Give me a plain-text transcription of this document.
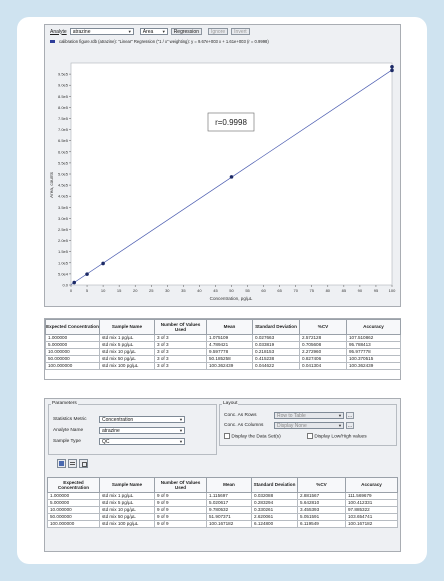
Analyte atrazine	▼ Area ▼	Regression	Ignore	Invert
calibration figure.rdb (atrazine): "Linear" Regression ("1 / x" weighting): y = 9.67e+003 x + 1.61e+003 (r = 0.9998)
0.0
5.0e4
1.0e5
1.5e5
2.0e5
2.5e5
3.0e5
3.5e5
4.0e5
4.5e5
5.0e5
5.5e5
6.0e5
6.5e5
7.0e5
7.5e5
8.0e5
8.5e5
9.0e5
9.5e5
0	5	10	15	20	25	30	35	40	45	50	55	60	65	70	75	80	85	90	95	100
Area, counts
Concentration, pg/µL
r=0.9998
Expected Concentration	Sample Name	Number Of Values Used	Mean	Standard Deviation	%CV	Accuracy
1.000000	std mix 1 pg/µL	3 of 3	1.075109	0.027663	2.572128	107.510862
5.000000	std mix 5 pg/µL	3 of 3	4.789421	0.033819	0.705608	95.788413
10.000000	std mix 10 pg/µL	3 of 3	9.597778	0.218153	2.272960	95.977778
50.000000	std mix 50 pg/µL	3 of 3	50.185258	0.415238	0.827406	100.370515
100.000000	std mix 100 pg/µL	3 of 3	100.362439	0.044622	0.041304	100.362439
Parameters
Statistics Metric	Concentration	▼
Analyte Name	atrazine	▼
Sample Type	QC	▼
Layout
Conc. As Rows	Row to Table	▼	…
Conc. As Columns	Display None	▼	…
Display the Data Set(s)	Display Low/High values
Expected Concentration	Sample Name	Number Of Values Used	Mean	Standard Deviation	%CV	Accuracy
1.000000	std mix 1 pg/µL	9 of 9	1.115697	0.032088	2.881567	111.569679
5.000000	std mix 5 pg/µL	9 of 9	5.020617	0.283294	5.642810	100.412331
10.000000	std mix 10 pg/µL	9 of 9	9.780532	0.330261	3.455393	97.885322
50.000000	std mix 50 pg/µL	9 of 9	51.907371	2.620061	5.051591	103.654741
100.000000	std mix 100 pg/µL	9 of 9	100.167182	6.124800	6.119549	100.167182
